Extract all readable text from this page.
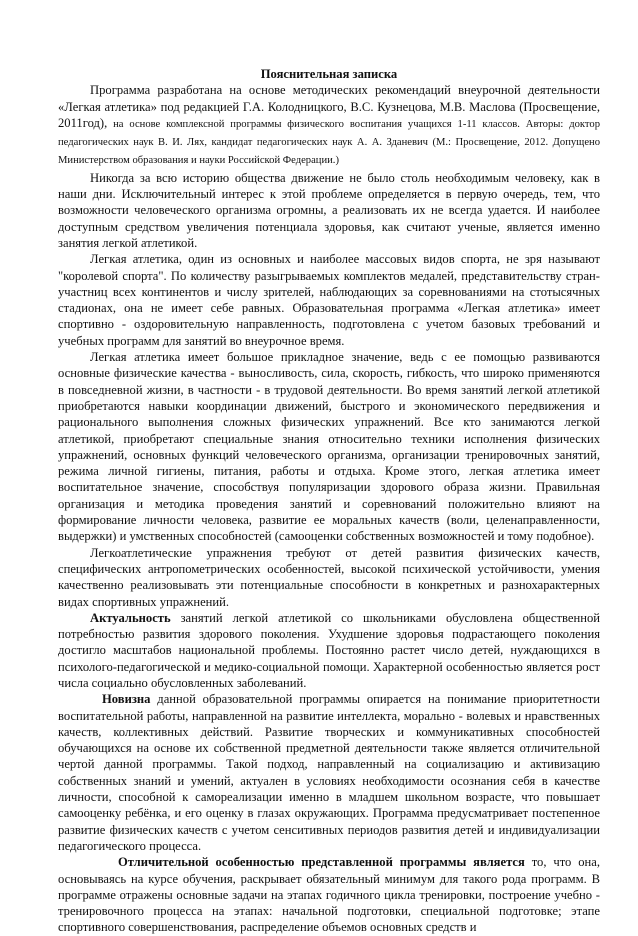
Пояснительная записка

Программа разработана на основе методических рекомендаций внеурочной деятельности «Легкая атлетика» под редакцией Г.А. Колодницкого, В.С. Кузнецова, М.В. Маслова (Просвещение, 2011год), на основе комплексной программы физического воспитания учащихся 1-11 классов. Авторы: доктор педагогических наук В. И. Лях, кандидат педагогических наук А. А. Зданевич (М.: Просвещение, 2012. Допущено Министерством образования и науки Российской Федерации.)

Никогда за всю историю общества движение не было столь необходимым человеку, как в наши дни. Исключительный интерес к этой проблеме определяется в первую очередь, тем, что возможности человеческого организма огромны, а реализовать их не всегда удается. И наиболее доступным средством увеличения потенциала здоровья, как считают ученые, является именно занятия легкой атлетикой.

Легкая атлетика, один из основных и наиболее массовых видов спорта, не зря называют "королевой спорта". По количеству разыгрываемых комплектов медалей, представительству стран-участниц всех континентов и числу зрителей, наблюдающих за соревнованиями на стотысячных стадионах, она не имеет себе равных. Образовательная программа «Легкая атлетика» имеет спортивно - оздоровительную направленность, подготовлена с учетом базовых требований и учебных программ для занятий во внеурочное время.

Легкая атлетика имеет большое прикладное значение, ведь с ее помощью развиваются основные физические качества - выносливость, сила, скорость, гибкость, что широко применяются в повседневной жизни, в частности - в трудовой деятельности. Во время занятий легкой атлетикой приобретаются навыки координации движений, быстрого и экономического передвижения и рационального выполнения сложных физических упражнений. Все кто занимаются легкой атлетикой, приобретают специальные знания относительно техники исполнения физических упражнений, основных функций человеческого организма, организации тренировочных занятий, режима личной гигиены, питания, работы и отдыха. Кроме этого, легкая атлетика имеет воспитательное значение, способствуя популяризации здорового образа жизни. Правильная организация и методика проведения занятий и соревнований положительно влияют на формирование личности человека, развитие ее моральных качеств (воли, целенаправленности, выдержки) и умственных способностей (самооценки собственных возможностей и тому подобное).

Легкоатлетические упражнения требуют от детей развития физических качеств, специфических антропометрических особенностей, высокой психической устойчивости, умения качественно реализовывать эти потенциальные способности в конкретных и разнохарактерных видах спортивных упражнений.

Актуальность занятий легкой атлетикой со школьниками обусловлена общественной потребностью развития здорового поколения. Ухудшение здоровья подрастающего поколения достигло масштабов национальной проблемы. Постоянно растет число детей, нуждающихся в психолого-педагогической и медико-социальной помощи. Характерной особенностью является рост числа социально обусловленных заболеваний.

Новизна данной образовательной программы опирается на понимание приоритетности воспитательной работы, направленной на развитие интеллекта, морально - волевых и нравственных качеств, коллективных действий. Развитие творческих и коммуникативных способностей обучающихся на основе их собственной предметной деятельности также является отличительной чертой данной программы. Такой подход, направленный на социализацию и активизацию собственных знаний и умений, актуален в условиях необходимости осознания себя в качестве личности, способной к самореализации именно в младшем школьном возрасте, что повышает самооценку ребёнка, и его оценку в глазах окружающих. Программа предусматривает постепенное развитие физических качеств с учетом сенситивных периодов развития детей и индивидуализации педагогического процесса.

Отличительной особенностью представленной программы является то, что она, основываясь на курсе обучения, раскрывает обязательный минимум для такого рода программ. В программе отражены основные задачи на этапах годичного цикла тренировки, построение учебно - тренировочного процесса на этапах: начальной подготовки, специальной подготовке; этапе спортивного совершенствования, распределение объемов основных средств и
